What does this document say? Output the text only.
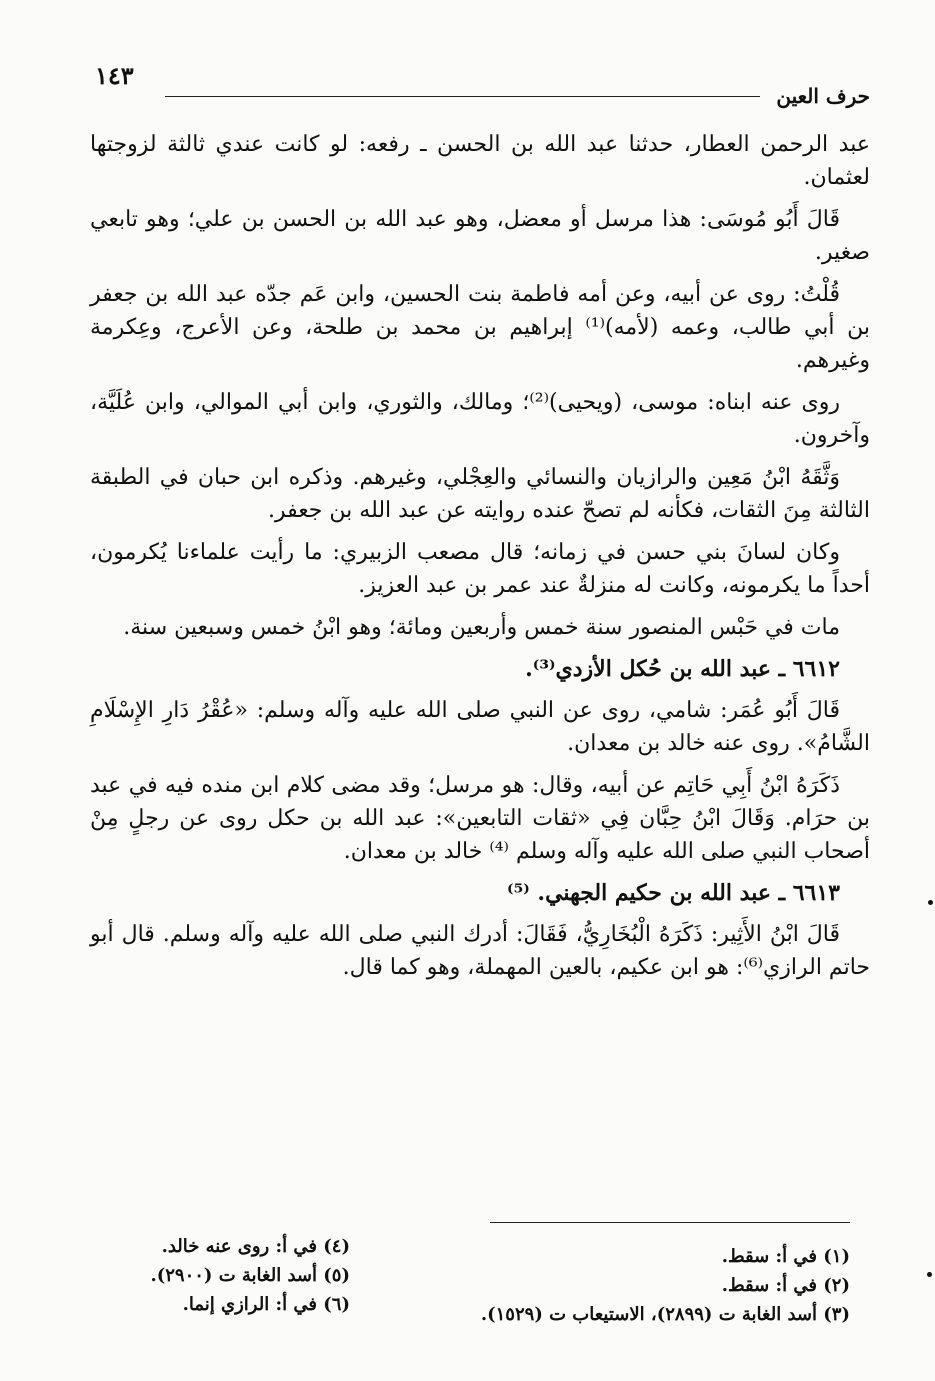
حرف العين
١٤٣

عبد الرحمن العطار، حدثنا عبد الله بن الحسن ـ رفعه: لو كانت عندي ثالثة لزوجتها لعثمان.

قَالَ أَبُو مُوسَى: هذا مرسل أو معضل، وهو عبد الله بن الحسن بن علي؛ وهو تابعي صغير.

قُلْتُ: روى عن أبيه، وعن أمه فاطمة بنت الحسين، وابن عَم جدّه عبد الله بن جعفر بن أبي طالب، وعمه (لأمه)⁽¹⁾ إبراهيم بن محمد بن طلحة، وعن الأعرج، وعِكرمة وغيرهم.

روى عنه ابناه: موسى، (ويحيى)⁽²⁾؛ ومالك، والثوري، وابن أبي الموالي، وابن عُلَيَّة، وآخرون.

وَثَّقَهُ ابْنُ مَعِين والرازيان والنسائي والعِجْلي، وغيرهم. وذكره ابن حبان في الطبقة الثالثة مِنَ الثقات، فكأنه لم تصحّ عنده روايته عن عبد الله بن جعفر.

وكان لسانَ بني حسن في زمانه؛ قال مصعب الزبيري: ما رأيت علماءنا يُكرمون، أحداً ما يكرمونه، وكانت له منزلةٌ عند عمر بن عبد العزيز.

مات في حَبْس المنصور سنة خمس وأربعين ومائة؛ وهو ابْنُ خمس وسبعين سنة.

٦٦١٢ ـ عبد الله بن حُكل الأزدي⁽³⁾.

قَالَ أَبُو عُمَر: شامي، روى عن النبي صلى الله عليه وآله وسلم: «عُقْرُ دَارِ الإِسْلَامِ الشَّامُ». روى عنه خالد بن معدان.

ذَكَرَهُ ابْنُ أَبِي حَاتِم عن أبيه، وقال: هو مرسل؛ وقد مضى كلام ابن منده فيه في عبد بن حرَام. وَقَالَ ابْنُ حِبَّان فِي «ثقات التابعين»: عبد الله بن حكل روى عن رجلٍ مِنْ أصحاب النبي صلى الله عليه وآله وسلم ⁽⁴⁾ خالد بن معدان.

٦٦١٣ ـ عبد الله بن حكيم الجهني. ⁽⁵⁾

قَالَ ابْنُ الأَثِير: ذَكَرَهُ الْبُخَارِيُّ، فَقَالَ: أدرك النبي صلى الله عليه وآله وسلم. قال أبو حاتم الرازي⁽⁶⁾: هو ابن عكيم، بالعين المهملة، وهو كما قال.

(١) في أ: سقط.
(٢) في أ: سقط.
(٣) أسد الغابة ت (٢٨٩٩)، الاستيعاب ت (١٥٢٩).
(٤) في أ: روى عنه خالد.
(٥) أسد الغابة ت (٢٩٠٠).
(٦) في أ: الرازي إنما.
